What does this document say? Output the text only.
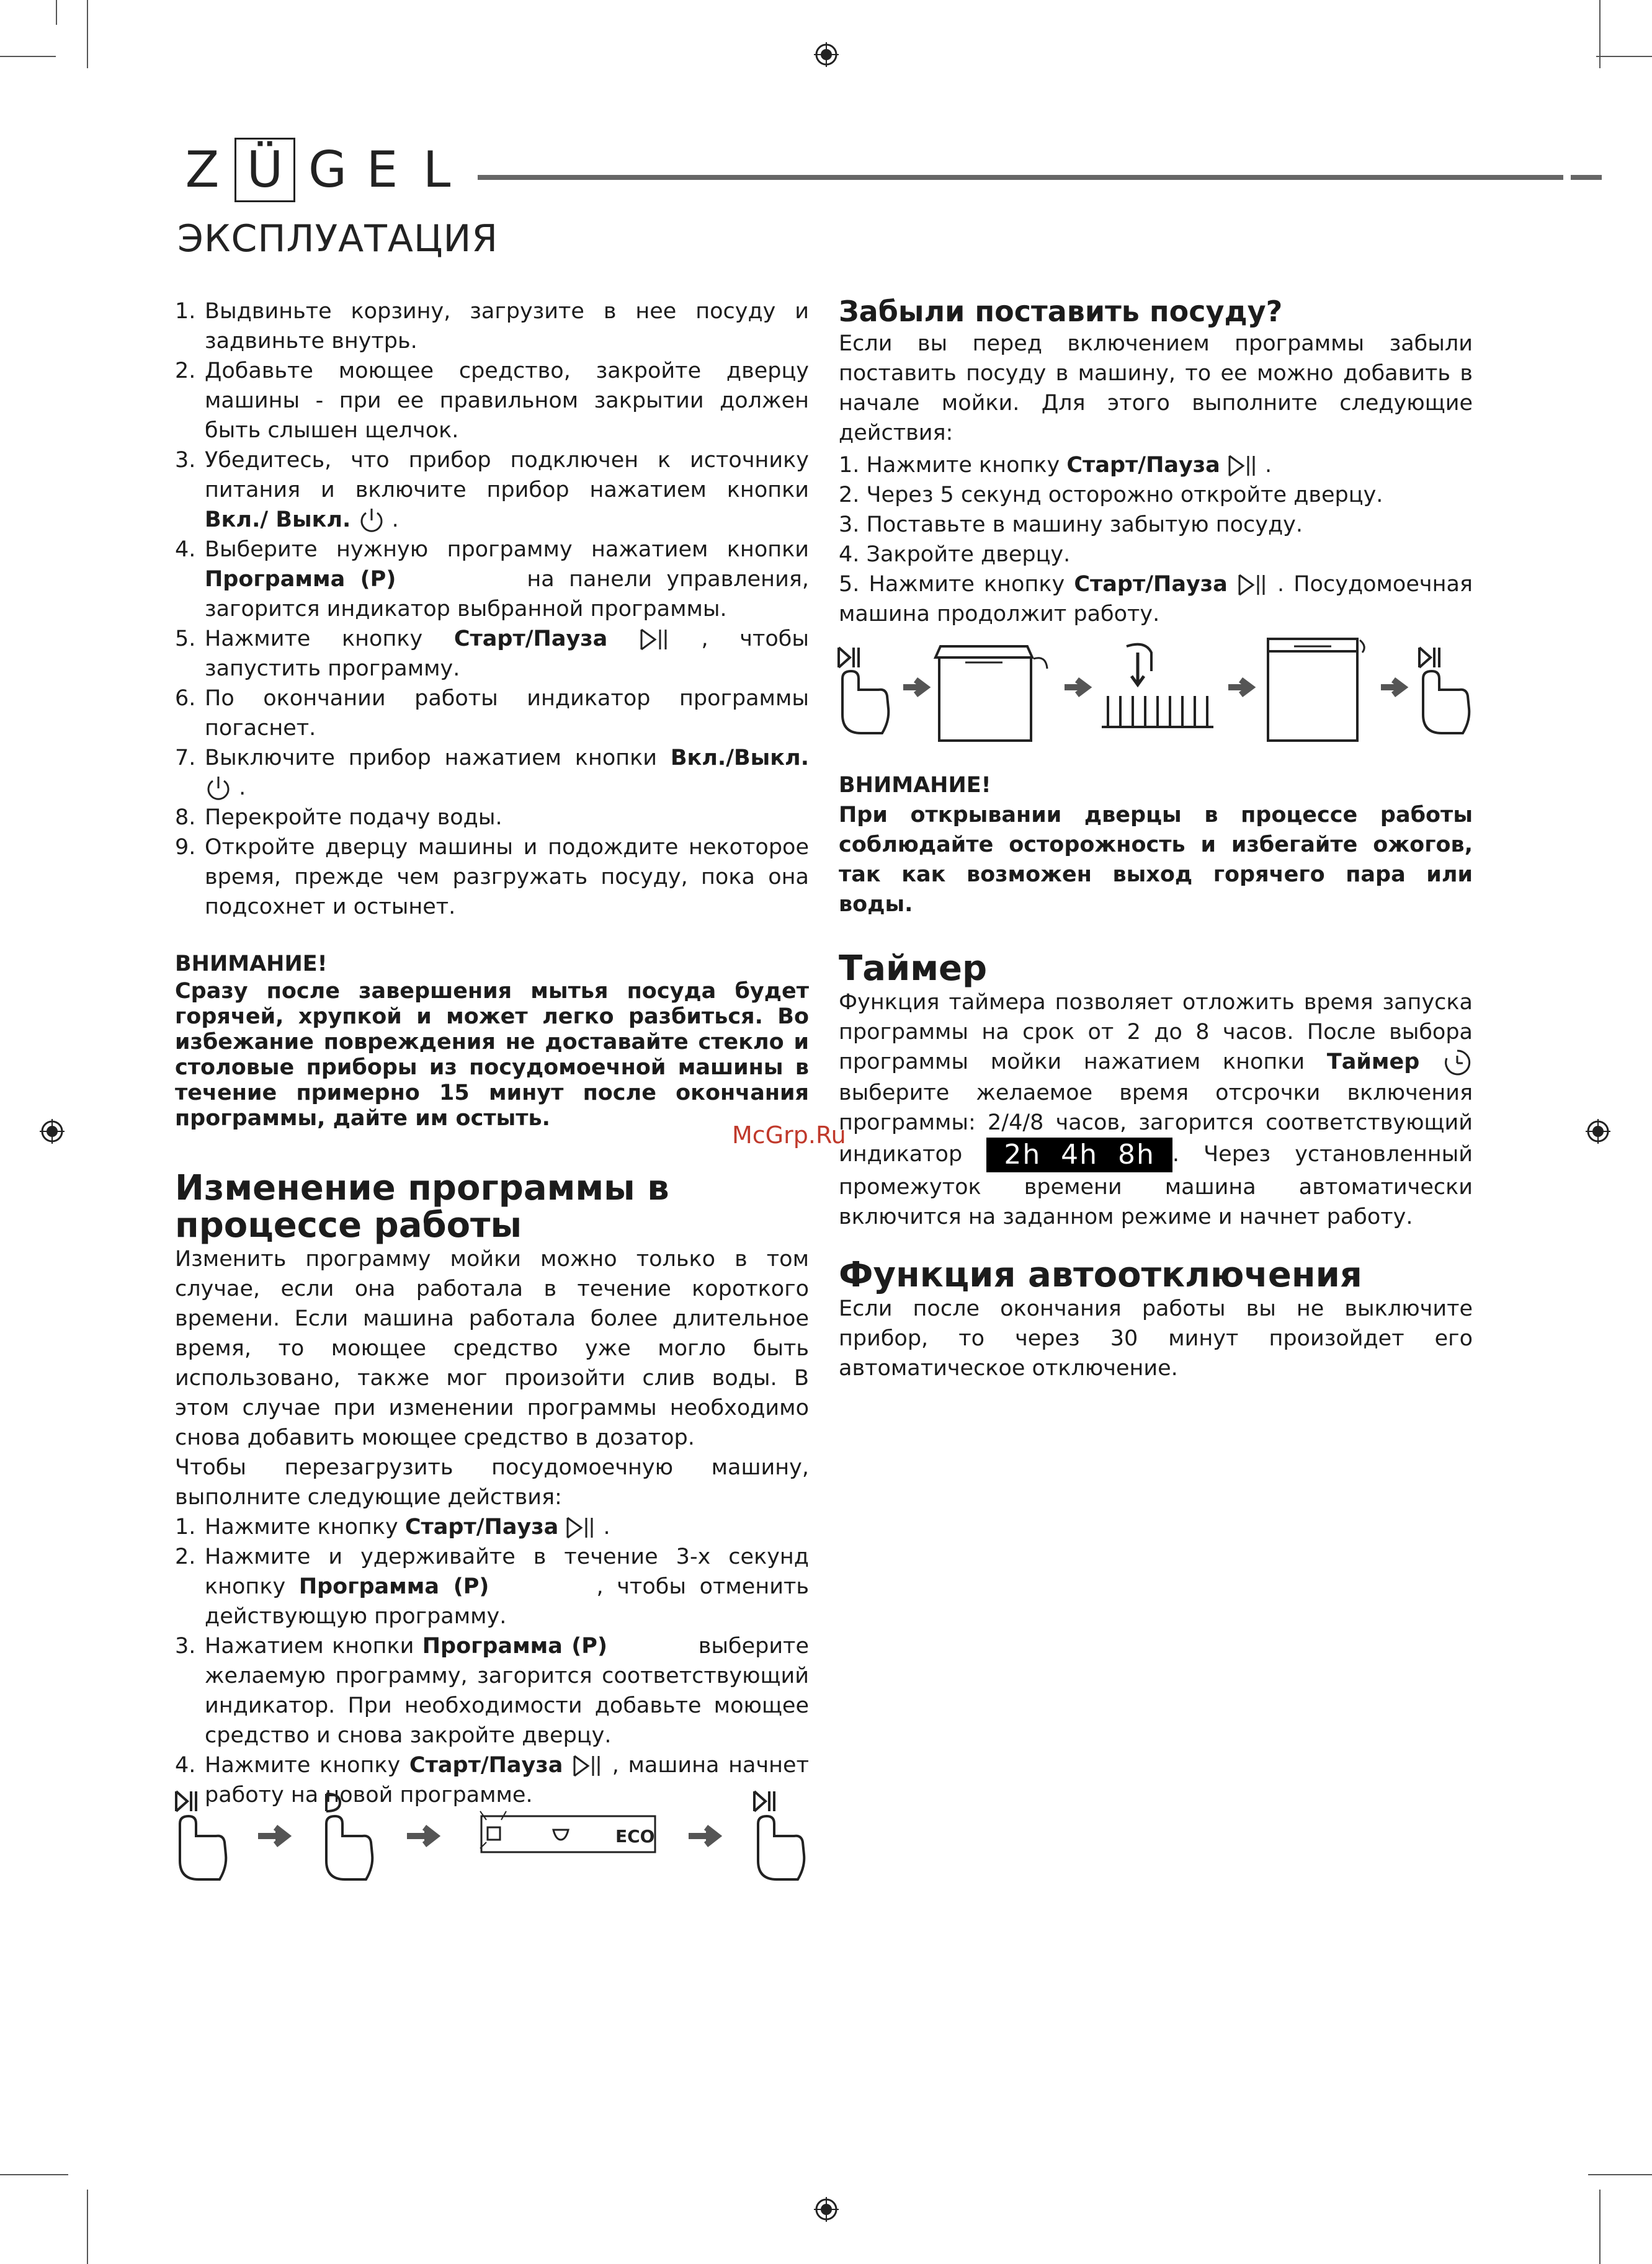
Z Ü G E L
ЭКСПЛУАТАЦИЯ
1. Выдвиньте корзину, загрузите в нее посуду и задвиньте внутрь.
2. Добавьте моющее средство, закройте дверцу машины - при ее правильном закрытии должен быть слышен щелчок.
3. Убедитесь, что прибор подключен к источнику питания и включите прибор нажатием кнопки Вкл./ Выкл. .
4. Выберите нужную программу нажатием кнопки Программа (P)	на панели управления, загорится индикатор выбранной программы.
5. Нажмите кнопку Старт/Пауза	, чтобы запустить программу.
6. По окончании работы индикатор программы погаснет.
7. Выключите прибор нажатием кнопки Вкл./Выкл.  .
8. Перекройте подачу воды.
9. Откройте дверцу машины и подождите некоторое время, прежде чем разгружать посуду, пока она подсохнет и остынет.

ВНИМАНИЕ!

Сразу после завершения мытья посуда будет горячей, хрупкой и может легко разбиться. Во избежание повреждения не доставайте стекло и столовые приборы из посудомоечной машины в течение примерно 15 минут после окончания программы, дайте им остыть.

Изменение программы в

процессе работы

Изменить программу мойки можно только в том случае, если она работала в течение короткого времени. Если машина работала более длительное время, то моющее средство уже могло быть использовано, также мог произойти слив воды. В этом случае при изменении программы необходимо снова добавить моющее средство в дозатор.

Чтобы перезагрузить посудомоечную машину, выполните следующие действия:

1. Нажмите кнопку Старт/Пауза .
2. Нажмите и удерживайте в течение 3-х секунд кнопку Программа (P)	, чтобы отменить действующую программу.
3. Нажатием кнопки Программа (P)	выберите желаемую программу, загорится соответствующий индикатор. При необходимости добавьте моющее средство и снова закройте дверцу.
4. Нажмите кнопку Старт/Пауза , машина начнет работу на новой программе.
ECO

Забыли поставить посуду?

Если вы перед включением программы забыли поставить посуду в машину, то ее можно добавить в начале мойки. Для этого выполните следующие действия:

1. Нажмите кнопку Старт/Пауза .
2. Через 5 секунд осторожно откройте дверцу.
3. Поставьте в машину забытую посуду.
4. Закройте дверцу.
5. Нажмите кнопку Старт/Пауза . Посудомоечная машина продолжит работу.

ВНИМАНИЕ!

При открывании дверцы в процессе работы соблюдайте осторожность и избегайте ожогов, так как возможен выход горячего пара или воды.

Таймер

Функция таймера позволяет отложить время запуска программы на срок от 2 до 8 часов. После выбора программы мойки нажатием кнопки Таймер  выберите желаемое время отсрочки включения программы: 2/4/8 часов, загорится соответствующий индикатор 2h  4h  8h . Через установленный промежуток времени машина автоматически включится на заданном режиме и начнет работу.

Функция автоотключения

Если после окончания работы вы не выключите прибор, то через 30 минут произойдет его автоматическое отключение.

McGrp.Ru
